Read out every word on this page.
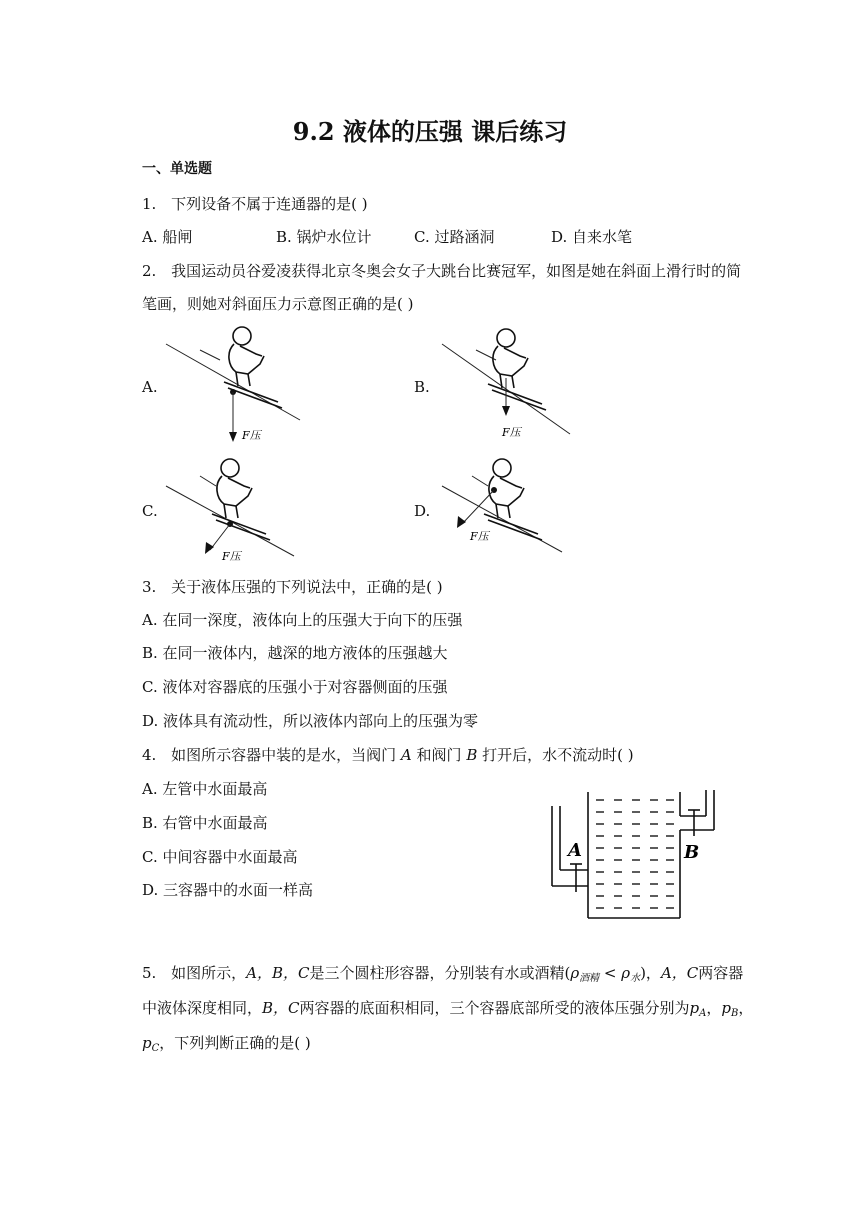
9.2 液体的压强 课后练习
一、单选题
1. 下列设备不属于连通器的是( )
A. 船闸	B. 锅炉水位计	C. 过路涵洞	D. 自来水笔
2. 我国运动员谷爱凌获得北京冬奥会女子大跳台比赛冠军，如图是她在斜面上滑行时的简
笔画，则她对斜面压力示意图正确的是( )
A.	B.
C.	D.
F压	F压
F压
F压
3. 关于液体压强的下列说法中，正确的是( )
A. 在同一深度，液体向上的压强大于向下的压强
B. 在同一液体内，越深的地方液体的压强越大
C. 液体对容器底的压强小于对容器侧面的压强
D. 液体具有流动性，所以液体内部向上的压强为零
4. 如图所示容器中装的是水，当阀门 A 和阀门 B 打开后，水不流动时( )
A. 左管中水面最高
B. 右管中水面最高
C. 中间容器中水面最高
D. 三容器中的水面一样高
A	B
5. 如图所示，A，B，C是三个圆柱形容器，分别装有水或酒精$(\rho_{酒精} < \rho_水)$，A，C两容器
中液体深度相同，B，C两容器的底面积相同，三个容器底部所受的液体压强分别为$p_A$，$p_B$，
$p_C$，下列判断正确的是( )
